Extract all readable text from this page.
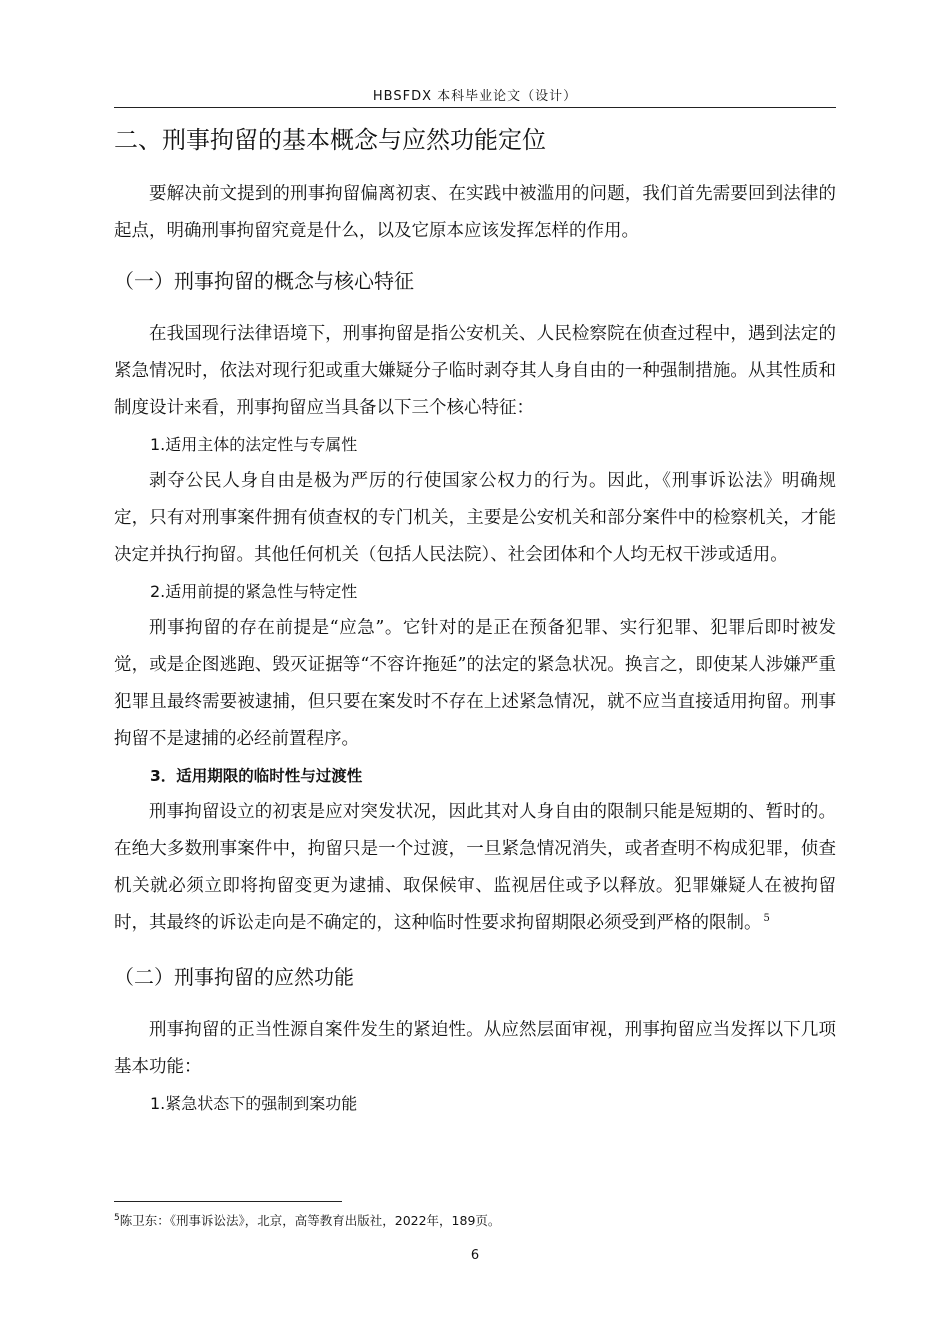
HBSFDX 本科毕业论文（设计）
二、刑事拘留的基本概念与应然功能定位

要解决前文提到的刑事拘留偏离初衷、在实践中被滥用的问题，我们首先需要回到法律的起点，明确刑事拘留究竟是什么，以及它原本应该发挥怎样的作用。

（一）刑事拘留的概念与核心特征

在我国现行法律语境下，刑事拘留是指公安机关、人民检察院在侦查过程中，遇到法定的紧急情况时，依法对现行犯或重大嫌疑分子临时剥夺其人身自由的一种强制措施。从其性质和制度设计来看，刑事拘留应当具备以下三个核心特征：

1.适用主体的法定性与专属性

剥夺公民人身自由是极为严厉的行使国家公权力的行为。因此，《刑事诉讼法》明确规定，只有对刑事案件拥有侦查权的专门机关，主要是公安机关和部分案件中的检察机关，才能决定并执行拘留。其他任何机关（包括人民法院）、社会团体和个人均无权干涉或适用。

2.适用前提的紧急性与特定性

刑事拘留的存在前提是“应急”。它针对的是正在预备犯罪、实行犯罪、犯罪后即时被发觉，或是企图逃跑、毁灭证据等“不容许拖延”的法定的紧急状况。换言之，即使某人涉嫌严重犯罪且最终需要被逮捕，但只要在案发时不存在上述紧急情况，就不应当直接适用拘留。刑事拘留不是逮捕的必经前置程序。

3．适用期限的临时性与过渡性

刑事拘留设立的初衷是应对突发状况，因此其对人身自由的限制只能是短期的、暂时的。在绝大多数刑事案件中，拘留只是一个过渡，一旦紧急情况消失，或者查明不构成犯罪，侦查机关就必须立即将拘留变更为逮捕、取保候审、监视居住或予以释放。犯罪嫌疑人在被拘留时，其最终的诉讼走向是不确定的，这种临时性要求拘留期限必须受到严格的限制。 $^5$

（二）刑事拘留的应然功能

刑事拘留的正当性源自案件发生的紧迫性。从应然层面审视，刑事拘留应当发挥以下几项基本功能：

1.紧急状态下的强制到案功能
$^5$陈卫东：《刑事诉讼法》，北京，高等教育出版社，2022年，189页。
6
